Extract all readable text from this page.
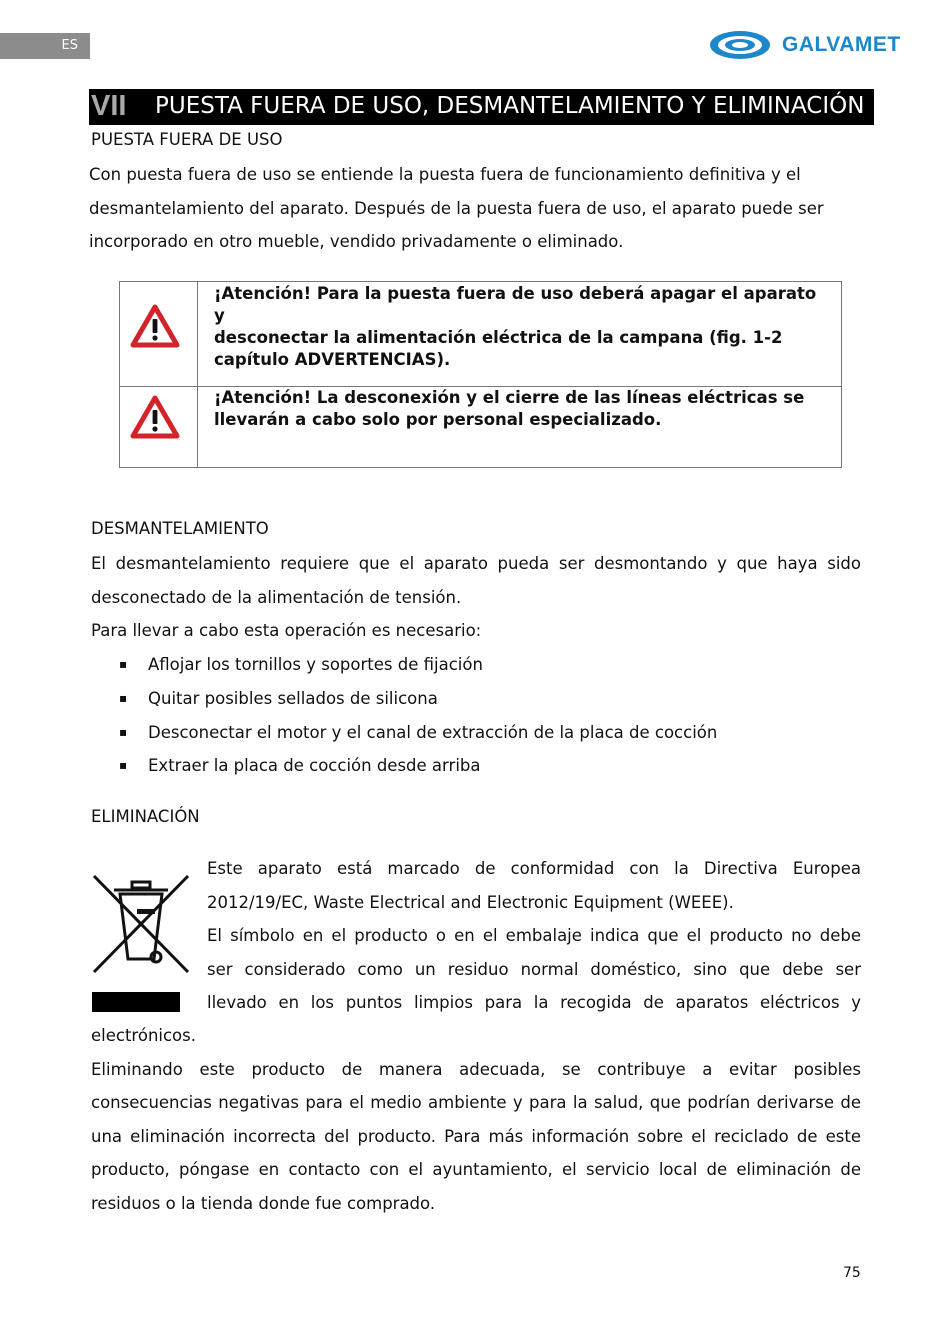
ES	GALVAMET
VII PUESTA FUERA DE USO, DESMANTELAMIENTO Y ELIMINACIÓN
PUESTA FUERA DE USO
Con puesta fuera de uso se entiende la puesta fuera de funcionamiento definitiva y el
desmantelamiento del aparato. Después de la puesta fuera de uso, el aparato puede ser
incorporado en otro mueble, vendido privadamente o eliminado.
¡Atención! Para la puesta fuera de uso deberá apagar el aparato y
desconectar la alimentación eléctrica de la campana (fig. 1-2
capítulo ADVERTENCIAS).
¡Atención! La desconexión y el cierre de las líneas eléctricas se
llevarán a cabo solo por personal especializado.
DESMANTELAMIENTO
El desmantelamiento requiere que el aparato pueda ser desmontando y que haya sido
desconectado de la alimentación de tensión.
Para llevar a cabo esta operación es necesario:
▪ Aflojar los tornillos y soportes de fijación
▪ Quitar posibles sellados de silicona
▪ Desconectar el motor y el canal de extracción de la placa de cocción
▪ Extraer la placa de cocción desde arriba
ELIMINACIÓN
Este aparato está marcado de conformidad con la Directiva Europea
2012/19/EC, Waste Electrical and Electronic Equipment (WEEE).
El símbolo en el producto o en el embalaje indica que el producto no debe
ser considerado como un residuo normal doméstico, sino que debe ser
llevado en los puntos limpios para la recogida de aparatos eléctricos y
electrónicos.
Eliminando este producto de manera adecuada, se contribuye a evitar posibles
consecuencias negativas para el medio ambiente y para la salud, que podrían derivarse de
una eliminación incorrecta del producto. Para más información sobre el reciclado de este
producto, póngase en contacto con el ayuntamiento, el servicio local de eliminación de
residuos o la tienda donde fue comprado.
75
